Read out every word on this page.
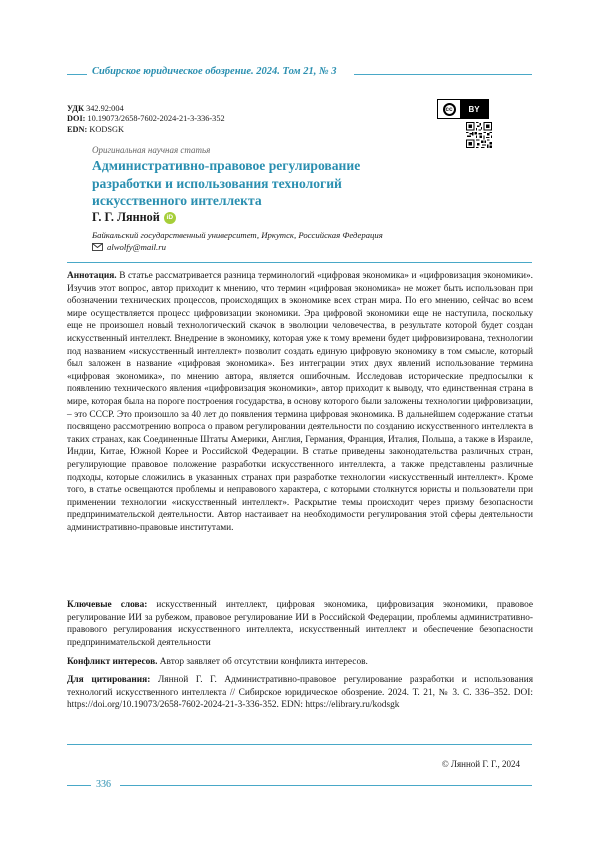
Сибирское юридическое обозрение. 2024. Том 21, № 3
УДК 342.92:004
DOI: 10.19073/2658-7602-2024-21-3-336-352
EDN: KODSGK
cc	BY
Оригинальная научная статья
Административно-правовое регулирование разработки и использования технологий искусственного интеллекта
Г. Г. Лянной	iD
Байкальский государственный университет, Иркутск, Российская Федерация
alwolfy@mail.ru

Аннотация. В статье рассматривается разница терминологий «цифровая экономика» и «цифровизация экономики». Изучив этот вопрос, автор приходит к мнению, что термин «цифровая экономика» не может быть использован при обозначении технических процессов, происходящих в экономике всех стран мира. По его мнению, сейчас во всем мире осуществляется процесс цифровизации экономики. Эра цифровой экономики еще не наступила, поскольку еще не произошел новый технологический скачок в эволюции человечества, в результате которой будет создан искусственный интеллект. Внедрение в экономику, которая уже к тому времени будет цифровизирована, технологии под названием «искусственный интеллект» позволит создать единую цифровую экономику в том смысле, который был заложен в название «цифровая экономика». Без интеграции этих двух явлений использование термина «цифровая экономика», по мнению автора, является ошибочным. Исследовав исторические предпосылки к появлению технического явления «цифровизация экономики», автор приходит к выводу, что единственная страна в мире, которая была на пороге построения государства, в основу которого были заложены технологии цифровизации, – это СССР. Это произошло за 40 лет до появления термина цифровая экономика. В дальнейшем содержание статьи посвящено рассмотрению вопроса о правом регулировании деятельности по созданию искусственного интеллекта в таких странах, как Соединенные Штаты Америки, Англия, Германия, Франция, Италия, Польша, а также в Израиле, Индии, Китае, Южной Корее и Российской Федерации. В статье приведены законодательства различных стран, регулирующие правовое положение разработки искусственного интеллекта, а также представлены различные подходы, которые сложились в указанных странах при разработке технологии «искусственный интеллект». Кроме того, в статье освещаются проблемы и неправового характера, с которыми столкнутся юристы и пользователи при применении технологии «искусственный интеллект». Раскрытие темы происходит через призму безопасности предпринимательской деятельности. Автор настаивает на необходимости регулирования этой сферы деятельности административно-правовые институтами.

Ключевые слова: искусственный интеллект, цифровая экономика, цифровизация экономики, правовое регулирование ИИ за рубежом, правовое регулирование ИИ в Российской Федерации, проблемы административно-правового регулирования искусственного интеллекта, искусственный интеллект и обеспечение безопасности предпринимательской деятельности

Конфликт интересов. Автор заявляет об отсутствии конфликта интересов.

Для цитирования: Лянной Г. Г. Административно-правовое регулирование разработки и использования технологий искусственного интеллекта // Сибирское юридическое обозрение. 2024. Т. 21, № 3. С. 336–352. DOI: https://doi.org/10.19073/2658-7602-2024-21-3-336-352. EDN: https://elibrary.ru/kodsgk

© Лянной Г. Г., 2024
336
